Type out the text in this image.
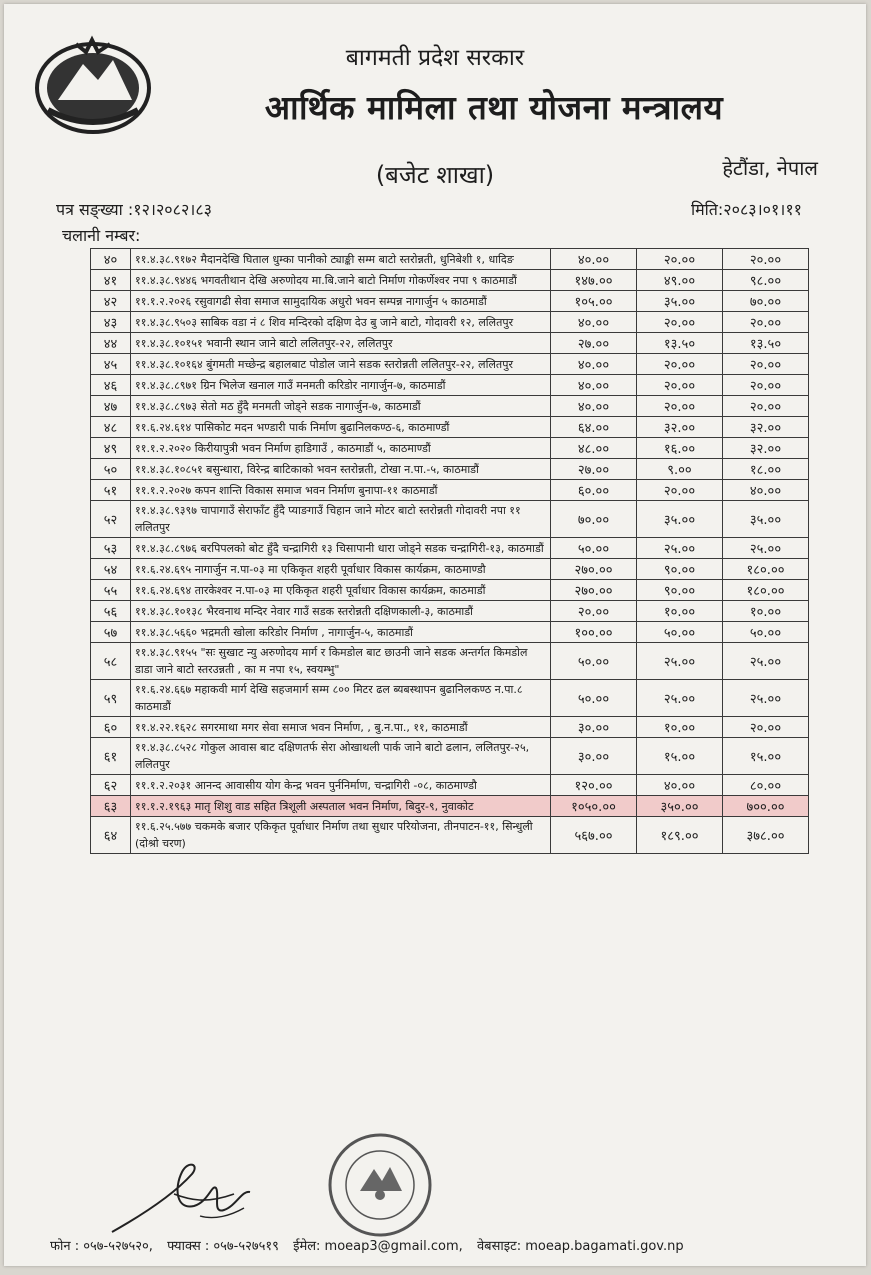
बागमती प्रदेश सरकार
आर्थिक मामिला तथा योजना मन्त्रालय
(बजेट शाखा)	हेटौंडा, नेपाल
पत्र सङ्ख्या :१२।२०८२।८३	मिति:२०८३।०१।११
चलानी नम्बर:
४०	११.४.३८.९१७२ मैदानदेखि घिताल धुम्का पानीको ट्याङ्की सम्म बाटो स्तरोन्नती, धुनिबेशी १, धादिङ	४०.००	२०.००	२०.००
४१	११.४.३८.९४४६ भगवतीथान देखि अरुणोदय मा.बि.जाने बाटो निर्माण गोकर्णेश्वर नपा ९ काठमाडौं	१४७.००	४९.००	९८.००
४२	११.१.२.२०२६ रसुवागढी सेवा समाज सामुदायिक अधुरो भवन सम्पन्न नागार्जुन ५ काठमाडौं	१०५.००	३५.००	७०.००
४३	११.४.३८.९५०३ साबिक वडा नं ८ शिव मन्दिरको दक्षिण देउ बु जाने बाटो, गोदावरी १२, ललितपुर	४०.००	२०.००	२०.००
४४	११.४.३८.१०१५१ भवानी स्थान जाने बाटो ललितपुर-२२, ललितपुर	२७.००	१३.५०	१३.५०
४५	११.४.३८.१०१६४ बुंगमती मच्छेन्द्र बहालबाट पोडोल जाने सडक स्तरोन्नती ललितपुर-२२, ललितपुर	४०.००	२०.००	२०.००
४६	११.४.३८.८९७१ ग्रिन भिलेज खनाल गाउँ मनमती करिडोर नागार्जुन-७, काठमाडौं	४०.००	२०.००	२०.००
४७	११.४.३८.८९७३ सेतो मठ हुँदै मनमती जोड्ने सडक नागार्जुन-७, काठमाडौं	४०.००	२०.००	२०.००
४८	११.६.२४.६१४ पासिकोट मदन भण्डारी पार्क निर्माण बुढानिलकण्ठ-६, काठमाण्डौं	६४.००	३२.००	३२.००
४९	११.१.२.२०२० किरीयापुत्री भवन निर्माण हाडिगाउँ , काठमाडौं ५, काठमाण्डौं	४८.००	१६.००	३२.००
५०	११.४.३८.१०८५१ बसुन्धारा, विरेन्द्र बाटिकाको भवन स्तरोन्नती, टोखा न.पा.-५, काठमाडौं	२७.००	९.००	१८.००
५१	११.१.२.२०२७ कपन शान्ति विकास समाज भवन निर्माण बुनापा-११ काठमाडौं	६०.००	२०.००	४०.००
५२	११.४.३८.९३९७ चापागाउँ सेराफाँट हुँदै प्याङगाउँ चिहान जाने मोटर बाटो स्तरोन्नती गोदावरी नपा ११ ललितपुर	७०.००	३५.००	३५.००
५३	११.४.३८.८९७६ बरपिपलको बोट हुँदै चन्द्रागिरी १३ चिसापानी धारा जोड्ने सडक चन्द्रागिरी-१३, काठमाडौं	५०.००	२५.००	२५.००
५४	११.६.२४.६९५ नागार्जुन न.पा-०३ मा एकिकृत शहरी पूर्वाधार विकास कार्यक्रम, काठमाण्डौ	२७०.००	९०.००	१८०.००
५५	११.६.२४.६९४ तारकेश्वर न.पा-०३ मा एकिकृत शहरी पूर्वाधार विकास कार्यक्रम, काठमाडौं	२७०.००	९०.००	१८०.००
५६	११.४.३८.१०१३८ भैरवनाथ मन्दिर नेवार गाउँ सडक स्तरोन्नती दक्षिणकाली-३, काठमाडौं	२०.००	१०.००	१०.००
५७	११.४.३८.५६६० भद्रमती खोला करिडोर निर्माण , नागार्जुन-५, काठमाडौं	१००.००	५०.००	५०.००
५८	११.४.३८.९१५५ "सः सुखाट न्यु अरुणोदय मार्ग र किमडोल बाट छाउनी जाने सडक अन्तर्गत किमडोल डाडा जाने बाटो स्तरउन्नती , का म नपा १५, स्वयम्भु"	५०.००	२५.००	२५.००
५९	११.६.२४.६६७ महाकवी मार्ग देखि सहजमार्ग सम्म ८०० मिटर ढल ब्यबस्थापन बुढानिलकण्ठ न.पा.८ काठमाडौं	५०.००	२५.००	२५.००
६०	११.४.२२.१६२८ सगरमाथा मगर सेवा समाज भवन निर्माण, , बु.न.पा., ११, काठमाडौं	३०.००	१०.००	२०.००
६१	११.४.३८.८५२८ गोकुल आवास बाट दक्षिणतर्फ सेरा ओखाथली पार्क जाने बाटो ढलान, ललितपुर-२५, ललितपुर	३०.००	१५.००	१५.००
६२	११.१.२.२०३१ आनन्द आवासीय योग केन्द्र भवन पुर्ननिर्माण, चन्द्रागिरी -०८, काठमाण्डौ	१२०.००	४०.००	८०.००
६३	११.१.२.१९६३ मातृ शिशु वाड सहित त्रिशूली अस्पताल भवन निर्माण, बिदुर-९, नुवाकोट	१०५०.००	३५०.००	७००.००
६४	११.६.२५.५७७ चकमके बजार एकिकृत पूर्वाधार निर्माण तथा सुधार परियोजना, तीनपाटन-११, सिन्धुली (दोश्रो चरण)	५६७.००	१८९.००	३७८.००
फोन : ०५७-५२७५२०, फ्याक्स : ०५७-५२७५१९ ईमेल: moeap3@gmail.com, वेबसाइट: moeap.bagamati.gov.np
